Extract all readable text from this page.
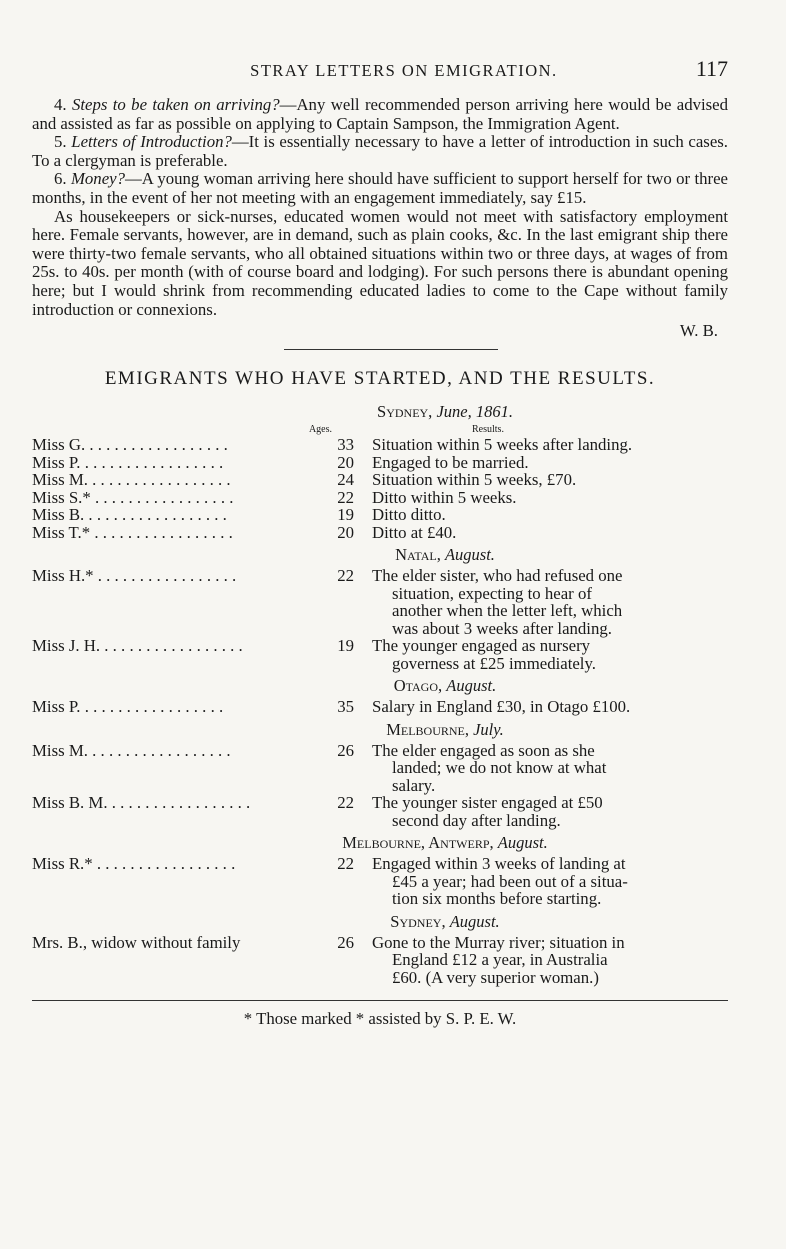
STRAY LETTERS ON EMIGRATION.	117

4. Steps to be taken on arriving?—Any well recommended person arriving here would be advised and assisted as far as possible on applying to Captain Sampson, the Immigration Agent.

5. Letters of Introduction?—It is essentially necessary to have a letter of introduction in such cases. To a clergyman is preferable.

6. Money?—A young woman arriving here should have sufficient to support herself for two or three months, in the event of her not meeting with an engagement immediately, say £15.

As housekeepers or sick-nurses, educated women would not meet with satisfactory employment here. Female servants, however, are in demand, such as plain cooks, &c. In the last emigrant ship there were thirty-two female servants, who all obtained situations within two or three days, at wages of from 25s. to 40s. per month (with of course board and lodging). For such persons there is abundant opening here; but I would shrink from recommending educated ladies to come to the Cape without family introduction or connexions.

W. B.
EMIGRANTS WHO HAVE STARTED, AND THE RESULTS.
Sydney, June, 1861.
Ages.	Results.
Miss G. . . . . . . . . . . . . . . . . .	33	Situation within 5 weeks after landing.
Miss P. . . . . . . . . . . . . . . . . .	20	Engaged to be married.
Miss M. . . . . . . . . . . . . . . . . .	24	Situation within 5 weeks, £70.
Miss S.* . . . . . . . . . . . . . . . . .	22	Ditto within 5 weeks.
Miss B. . . . . . . . . . . . . . . . . .	19	Ditto ditto.
Miss T.* . . . . . . . . . . . . . . . . .	20	Ditto at £40.
Natal, August.
Miss H.* . . . . . . . . . . . . . . . . .	22	The elder sister, who had refused one
situation, expecting to hear of
another when the letter left, which
was about 3 weeks after landing.
Miss J. H. . . . . . . . . . . . . . . . . .	19	The younger engaged as nursery
governess at £25 immediately.
Otago, August.
Miss P. . . . . . . . . . . . . . . . . .	35	Salary in England £30, in Otago £100.
Melbourne, July.
Miss M. . . . . . . . . . . . . . . . . .	26	The elder engaged as soon as she
landed; we do not know at what
salary.
Miss B. M. . . . . . . . . . . . . . . . . .	22	The younger sister engaged at £50
second day after landing.
Melbourne, Antwerp, August.
Miss R.* . . . . . . . . . . . . . . . . .	22	Engaged within 3 weeks of landing at
£45 a year; had been out of a situa-
tion six months before starting.
Sydney, August.
Mrs. B., widow without family	26	Gone to the Murray river; situation in
England £12 a year, in Australia
£60. (A very superior woman.)
* Those marked * assisted by S. P. E. W.
